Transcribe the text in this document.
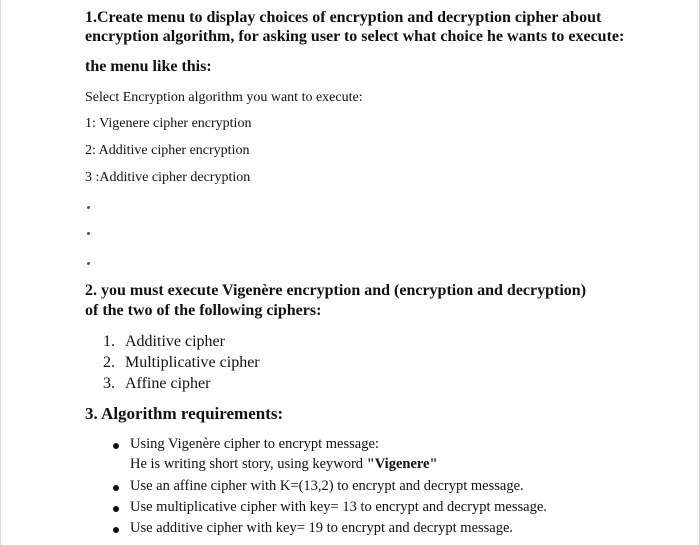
1.Create menu to display choices of encryption and decryption cipher about
encryption algorithm, for asking user to select what choice he wants to execute:
the menu like this:
Select Encryption algorithm you want to execute:
1: Vigenere cipher encryption
2: Additive cipher encryption
3 :Additive cipher decryption
2. you must execute Vigenère encryption and (encryption and decryption)
of the two of the following ciphers:
1. Additive cipher
2. Multiplicative cipher
3. Affine cipher
3. Algorithm requirements:
Using Vigenère cipher to encrypt message:
He is writing short story, using keyword "Vigenere"
Use an affine cipher with K=(13,2) to encrypt and decrypt message.
Use multiplicative cipher with key= 13 to encrypt and decrypt message.
Use additive cipher with key= 19 to encrypt and decrypt message.
